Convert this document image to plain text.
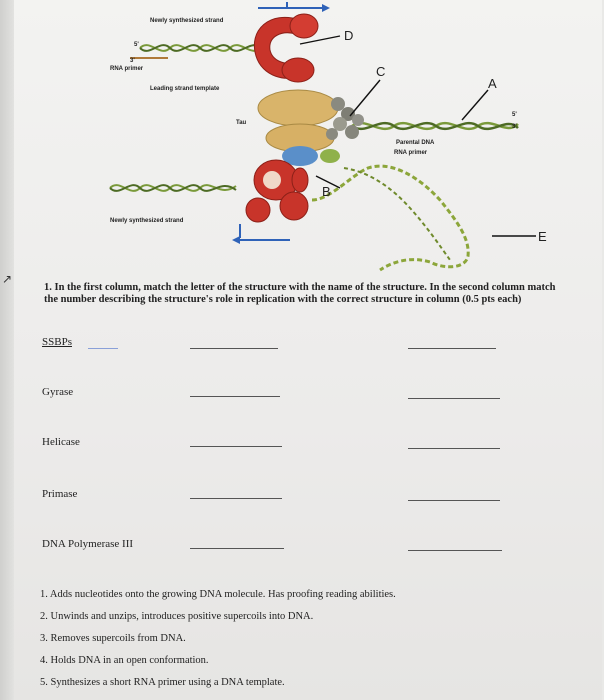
Newly synthesized strand
RNA primer
Leading strand template
Tau
Newly synthesized strand
Parental DNA
RNA primer
5'
3'
5'
3'
D
C
A
B
E
↗
1. In the first column, match the letter of the structure with the name of the structure. In the second column match the number describing the structure's role in replication with the correct structure in column (0.5 pts each)
SSBPs
Gyrase
Helicase
Primase
DNA Polymerase III
1. Adds nucleotides onto the growing DNA molecule. Has proofing reading abilities.
2. Unwinds and unzips, introduces positive supercoils into DNA.
3. Removes supercoils from DNA.
4. Holds DNA in an open conformation.
5. Synthesizes a short RNA primer using a DNA template.
